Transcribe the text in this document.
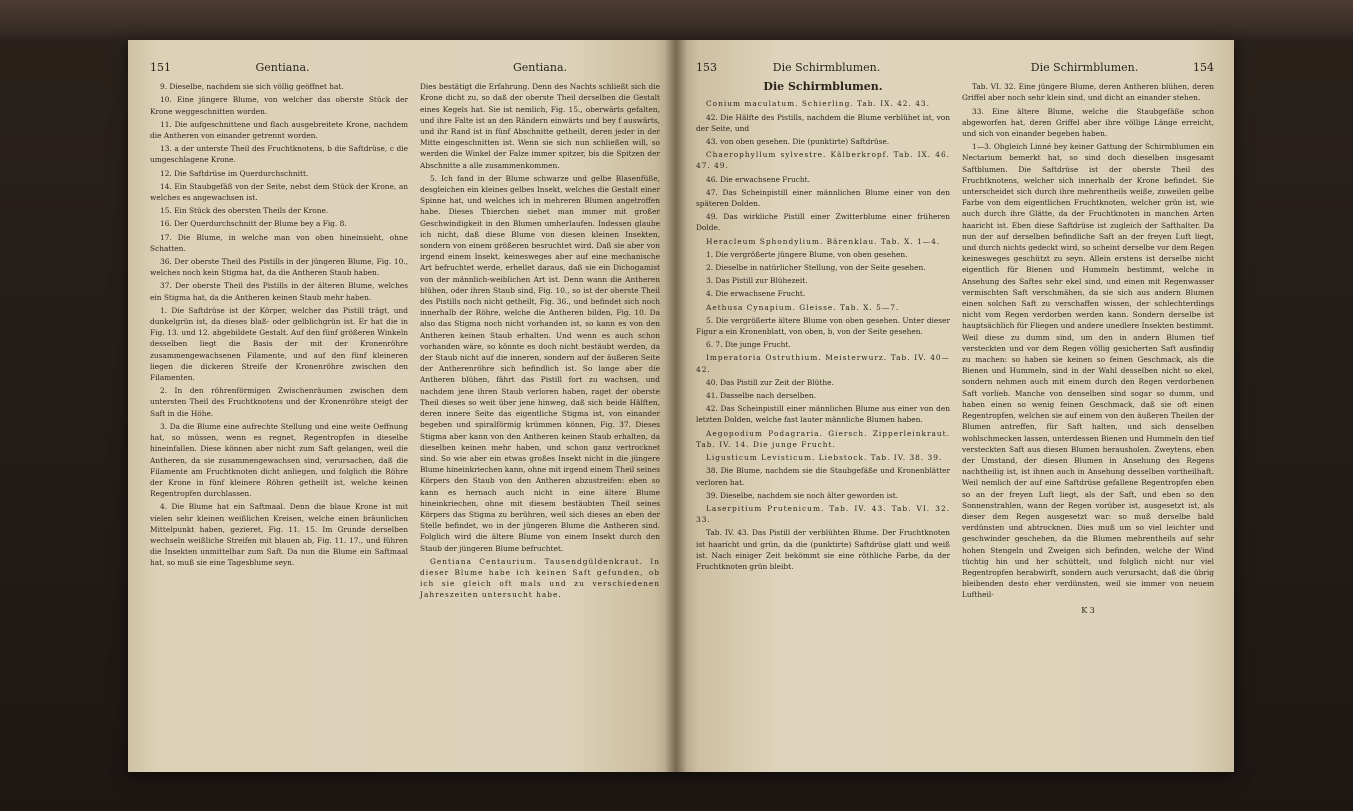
151	Gentiana.

9. Dieselbe, nachdem sie sich völlig geöffnet hat.

10. Eine jüngere Blume, von welcher das oberste Stück der Krone weggeschnitten worden.

11. Die aufgeschnittene und flach ausgebreitete Krone, nachdem die Antheren von einander getrennt worden.

13. a der unterste Theil des Fruchtknotens, b die Saftdrüse, c die umgeschlagene Krone.

12. Die Saftdrüse im Querdurchschnitt.

14. Ein Staubgefäß von der Seite, nebst dem Stück der Krone, an welches es angewachsen ist.

15. Ein Stück des obersten Theils der Krone.

16. Der Querdurchschnitt der Blume bey a Fig. 8.

17. Die Blume, in welche man von oben hineinsieht, ohne Schatten.

36. Der oberste Theil des Pistills in der jüngeren Blume, Fig. 10., welches noch kein Stigma hat, da die Antheren Staub haben.

37. Der oberste Theil des Pistills in der älteren Blume, welches ein Stigma hat, da die Antheren keinen Staub mehr haben.

1. Die Saftdrüse ist der Körper, welcher das Pistill trägt, und dunkelgrün ist, da dieses blaß- oder gelblichgrün ist. Er hat die in Fig. 13. und 12. abgebildete Gestalt. Auf den fünf größeren Winkeln desselben liegt die Basis der mit der Kronenröhre zusammengewachsenen Filamente, und auf den fünf kleineren liegen die dickeren Streife der Kronenröhre zwischen den Filamenten.

2. In den röhrenförmigen Zwischenräumen zwischen dem untersten Theil des Fruchtknotens und der Kronenröhre steigt der Saft in die Höhe.

3. Da die Blume eine aufrechte Stellung und eine weite Oeffnung hat, so müssen, wenn es regnet, Regentropfen in dieselbe hineinfallen. Diese können aber nicht zum Saft gelangen, weil die Antheren, da sie zusammengewachsen sind, verursachen, daß die Filamente am Fruchtknoten dicht anliegen, und folglich die Röhre der Krone in fünf kleinere Röhren getheilt ist, welche keinen Regentropfen durchlassen.

4. Die Blume hat ein Saftmaal. Denn die blaue Krone ist mit vielen sehr kleinen weißlichen Kreisen, welche einen bräunlichen Mittelpunkt haben, gezieret, Fig. 11. 15. Im Grunde derselben wechseln weißliche Streifen mit blauen ab, Fig. 11. 17., und führen die Insekten unmittelbar zum Saft. Da nun die Blume ein Saftmaal hat, so muß sie eine Tagesblume seyn.

Gentiana.

Dies bestätigt die Erfahrung. Denn des Nachts schließt sich die Krone dicht zu, so daß der oberste Theil derselben die Gestalt eines Kegels hat. Sie ist nemlich, Fig. 15., oberwärts gefalten, und ihre Falte ist an den Rändern einwärts und bey f auswärts, und ihr Rand ist in fünf Abschnitte getheilt, deren jeder in der Mitte eingeschnitten ist. Wenn sie sich nun schließen will, so werden die Winkel der Falze immer spitzer, bis die Spitzen der Abschnitte a alle zusammenkommen.

5. Ich fand in der Blume schwarze und gelbe Blasenfüße, desgleichen ein kleines gelbes Insekt, welches die Gestalt einer Spinne hat, und welches ich in mehreren Blumen angetroffen habe. Dieses Thierchen siehet man immer mit großer Geschwindigkeit in den Blumen umherlaufen. Indessen glaube ich nicht, daß diese Blume von diesen kleinen Insekten, sondern von einem größeren besruchtet wird. Daß sie aber von irgend einem Insekt, keinesweges aber auf eine mechanische Art befruchtet werde, erhellet daraus, daß sie ein Dichogamist von der männlich-weiblichen Art ist. Denn wann die Antheren blühen, oder ihren Staub sind, Fig. 10., so ist der oberste Theil des Pistills noch nicht getheilt, Fig. 36., und befindet sich noch innerhalb der Röhre, welche die Antheren bilden, Fig. 10. Da also das Stigma noch nicht vorhanden ist, so kann es von den Antheren keinen Staub erhalten. Und wenn es auch schon vorhanden wäre, so könnte es doch nicht bestäubt werden, da der Staub nicht auf die inneren, sondern auf der äußeren Seite der Antherenröhre sich befindlich ist. So lange aber die Antheren blühen, fährt das Pistill fort zu wachsen, und nachdem jene ihren Staub verloren haben, raget der oberste Theil dieses so weit über jene hinweg, daß sich beide Hälften, deren innere Seite das eigentliche Stigma ist, von einander begeben und spiralförmig krümmen können, Fig. 37. Dieses Stigma aber kann von den Antheren keinen Staub erhalten, da dieselben keinen mehr haben, und schon ganz vertrocknet sind. So wie aber ein etwas großes Insekt nicht in die jüngere Blume hineinkriechen kann, ohne mit irgend einem Theil seines Körpers den Staub von den Antheren abzustreifen: eben so kann es hernach auch nicht in eine ältere Blume hineinkriechen, ohne mit diesem bestäubten Theil seines Körpers das Stigma zu berühren, weil sich dieses an eben der Stelle befindet, wo in der jüngeren Blume die Antheren sind. Folglich wird die ältere Blume von einem Insekt durch den Staub der jüngeren Blume befruchtet.

Gentiana Centaurium. Tausendgüldenkraut. In dieser Blume habe ich keinen Saft gefunden, ob ich sie gleich oft mals und zu verschiedenen Jahreszeiten untersucht habe.

153	Die Schirmblumen.
Die Schirmblumen.

Conium maculatum. Schierling. Tab. IX. 42. 43.

42. Die Hälfte des Pistills, nachdem die Blume verblühet ist, von der Seite, und

43. von oben gesehen. Die (punktirte) Saftdrüse.

Chaerophyllum sylvestre. Kälberkropf. Tab. IX. 46. 47. 49.

46. Die erwachsene Frucht.

47. Das Scheinpistill einer männlichen Blume einer von den späteren Dolden.

49. Das wirkliche Pistill einer Zwitterblume einer früheren Dolde.

Heracleum Sphondylium. Bärenklau. Tab. X. 1—4.

1. Die vergrößerte jüngere Blume, von oben gesehen.

2. Dieselbe in natürlicher Stellung, von der Seite gesehen.

3. Das Pistill zur Blühezeit.

4. Die erwachsene Frucht.

Aethusa Cynapium. Gleisse. Tab. X. 5—7.

5. Die vergrößerte ältere Blume von oben gesehen. Unter dieser Figur a ein Kronenblatt, von oben, b, von der Seite gesehen.

6. 7. Die junge Frucht.

Imperatoria Ostruthium. Meisterwurz. Tab. IV. 40—42.

40. Das Pistill zur Zeit der Blüthe.

41. Dasselbe nach derselben.

42. Das Scheinpistill einer männlichen Blume aus einer von den letzten Dolden, welche fast lauter männliche Blumen haben.

Aegopodium Podagraria. Giersch. Zipperleinkraut. Tab. IV. 14. Die junge Frucht.

Ligusticum Levisticum. Liebstock. Tab. IV. 38. 39.

38. Die Blume, nachdem sie die Staubgefäße und Kronenblätter verloren hat.

39. Dieselbe, nachdem sie noch älter geworden ist.

Laserpitium Prutenicum. Tab. IV. 43. Tab. VI. 32. 33.

Tab. IV. 43. Das Pistill der verblühten Blume. Der Fruchtknoten ist haaricht und grün, da die (punktirte) Saftdrüse glatt und weiß ist. Nach einiger Zeit bekömmt sie eine röthliche Farbe, da der Fruchtknoten grün bleibt.

Die Schirmblumen.	154

Tab. VI. 32. Eine jüngere Blume, deren Antheren blühen, deren Griffel aber noch sehr klein sind, und dicht an einander stehen.

33. Eine ältere Blume, welche die Staubgefäße schon abgeworfen hat, deren Griffel aber ihre völlige Länge erreicht, und sich von einander begeben haben.

1—3. Obgleich Linné bey keiner Gattung der Schirmblumen ein Nectarium bemerkt hat, so sind doch dieselben insgesamt Saftblumen. Die Saftdrüse ist der oberste Theil des Fruchtknotens, welcher sich innerhalb der Krone befindet. Sie unterscheidet sich durch ihre mehrentheils weiße, zuweilen gelbe Farbe von dem eigentlichen Fruchtknoten, welcher grün ist, wie auch durch ihre Glätte, da der Fruchtknoten in manchen Arten haaricht ist. Eben diese Saftdrüse ist zugleich der Safthalter. Da nun der auf derselben befindliche Saft an der freyen Luft liegt, und durch nichts gedeckt wird, so scheint derselbe vor dem Regen keinesweges geschützt zu seyn. Allein erstens ist derselbe nicht eigentlich für Bienen und Hummeln bestimmt, welche in Ansehung des Saftes sehr ekel sind, und einen mit Regenwasser vermischten Saft verschmähen, da sie sich aus andern Blumen einen solchen Saft zu verschaffen wissen, der schlechterdings nicht vom Regen verdorben werden kann. Sondern derselbe ist hauptsächlich für Fliegen und andere unedlere Insekten bestimmt. Weil diese zu dumm sind, um den in andern Blumen tief versteckten und vor dem Regen völlig gesicherten Saft ausfindig zu machen: so haben sie keinen so feinen Geschmack, als die Bienen und Hummeln, sind in der Wahl desselben nicht so ekel, sondern nehmen auch mit einem durch den Regen verdorbenen Saft vorlieb. Manche von denselben sind sogar so dumm, und haben einen so wenig feinen Geschmack, daß sie oft einen Regentropfen, welchen sie auf einem von den äußeren Theilen der Blumen antreffen, für Saft halten, und sich denselben wohlschmecken lassen, unterdessen Bienen und Hummeln den tief versteckten Saft aus diesen Blumen herausholen. Zweytens, eben der Umstand, der diesen Blumen in Ansehung des Regens nachtheilig ist, ist ihnen auch in Ansehung desselben vortheilhaft. Weil nemlich der auf eine Saftdrüse gefallene Regentropfen eben so an der freyen Luft liegt, als der Saft, und eben so den Sonnenstrahlen, wann der Regen vorüber ist, ausgesetzt ist, als dieser dem Regen ausgesetzt war: so muß derselbe bald verdünsten und abtrocknen. Dies muß um so viel leichter und geschwinder geschehen, da die Blumen mehrentheils auf sehr hohen Stengeln und Zweigen sich befinden, welche der Wind tüchtig hin und her schüttelt, und folglich nicht nur viel Regentropfen herabwirft, sondern auch verursacht, daß die übrig bleibenden desto eher verdünsten, weil sie immer von neuem Luftheil-

K 3
